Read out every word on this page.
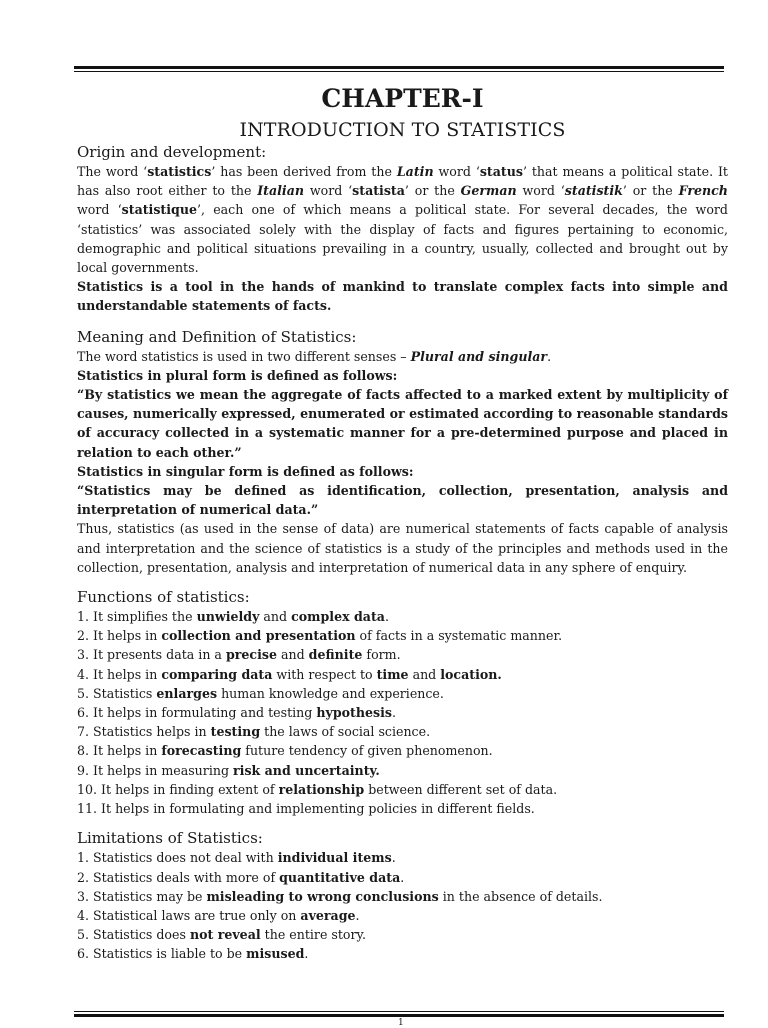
CHAPTER-I
INTRODUCTION TO STATISTICS
Origin and development:

The word ‘statistics’ has been derived from the Latin word ‘status’ that means a political state. It has also root either to the Italian word ‘statista’ or the German word ‘statistik’ or the French word ‘statistique’, each one of which means a political state. For several decades, the word ‘statistics’ was associated solely with the display of facts and figures pertaining to economic, demographic and political situations prevailing in a country, usually, collected and brought out by local governments.

Statistics is a tool in the hands of mankind to translate complex facts into simple and understandable statements of facts.

Meaning and Definition of Statistics:

The word statistics is used in two different senses – Plural and singular.

Statistics in plural form is defined as follows:

“By statistics we mean the aggregate of facts affected to a marked extent by multiplicity of causes, numerically expressed, enumerated or estimated according to reasonable standards of accuracy collected in a systematic manner for a pre-determined purpose and placed in relation to each other.”

Statistics in singular form is defined as follows:

“Statistics may be defined as identification, collection, presentation, analysis and interpretation of numerical data.”

Thus, statistics (as used in the sense of data) are numerical statements of facts capable of analysis and interpretation and the science of statistics is a study of the principles and methods used in the collection, presentation, analysis and interpretation of numerical data in any sphere of enquiry.

Functions of statistics:
1. It simplifies the unwieldy and complex data.
2. It helps in collection and presentation of facts in a systematic manner.
3. It presents data in a precise and definite form.
4. It helps in comparing data with respect to time and location.
5. Statistics enlarges human knowledge and experience.
6. It helps in formulating and testing hypothesis.
7. Statistics helps in testing the laws of social science.
8. It helps in forecasting future tendency of given phenomenon.
9. It helps in measuring risk and uncertainty.
10. It helps in finding extent of relationship between different set of data.
11. It helps in formulating and implementing policies in different fields.
Limitations of Statistics:
1. Statistics does not deal with individual items.
2. Statistics deals with more of quantitative data.
3. Statistics may be misleading to wrong conclusions in the absence of details.
4. Statistical laws are true only on average.
5. Statistics does not reveal the entire story.
6. Statistics is liable to be misused.
1
